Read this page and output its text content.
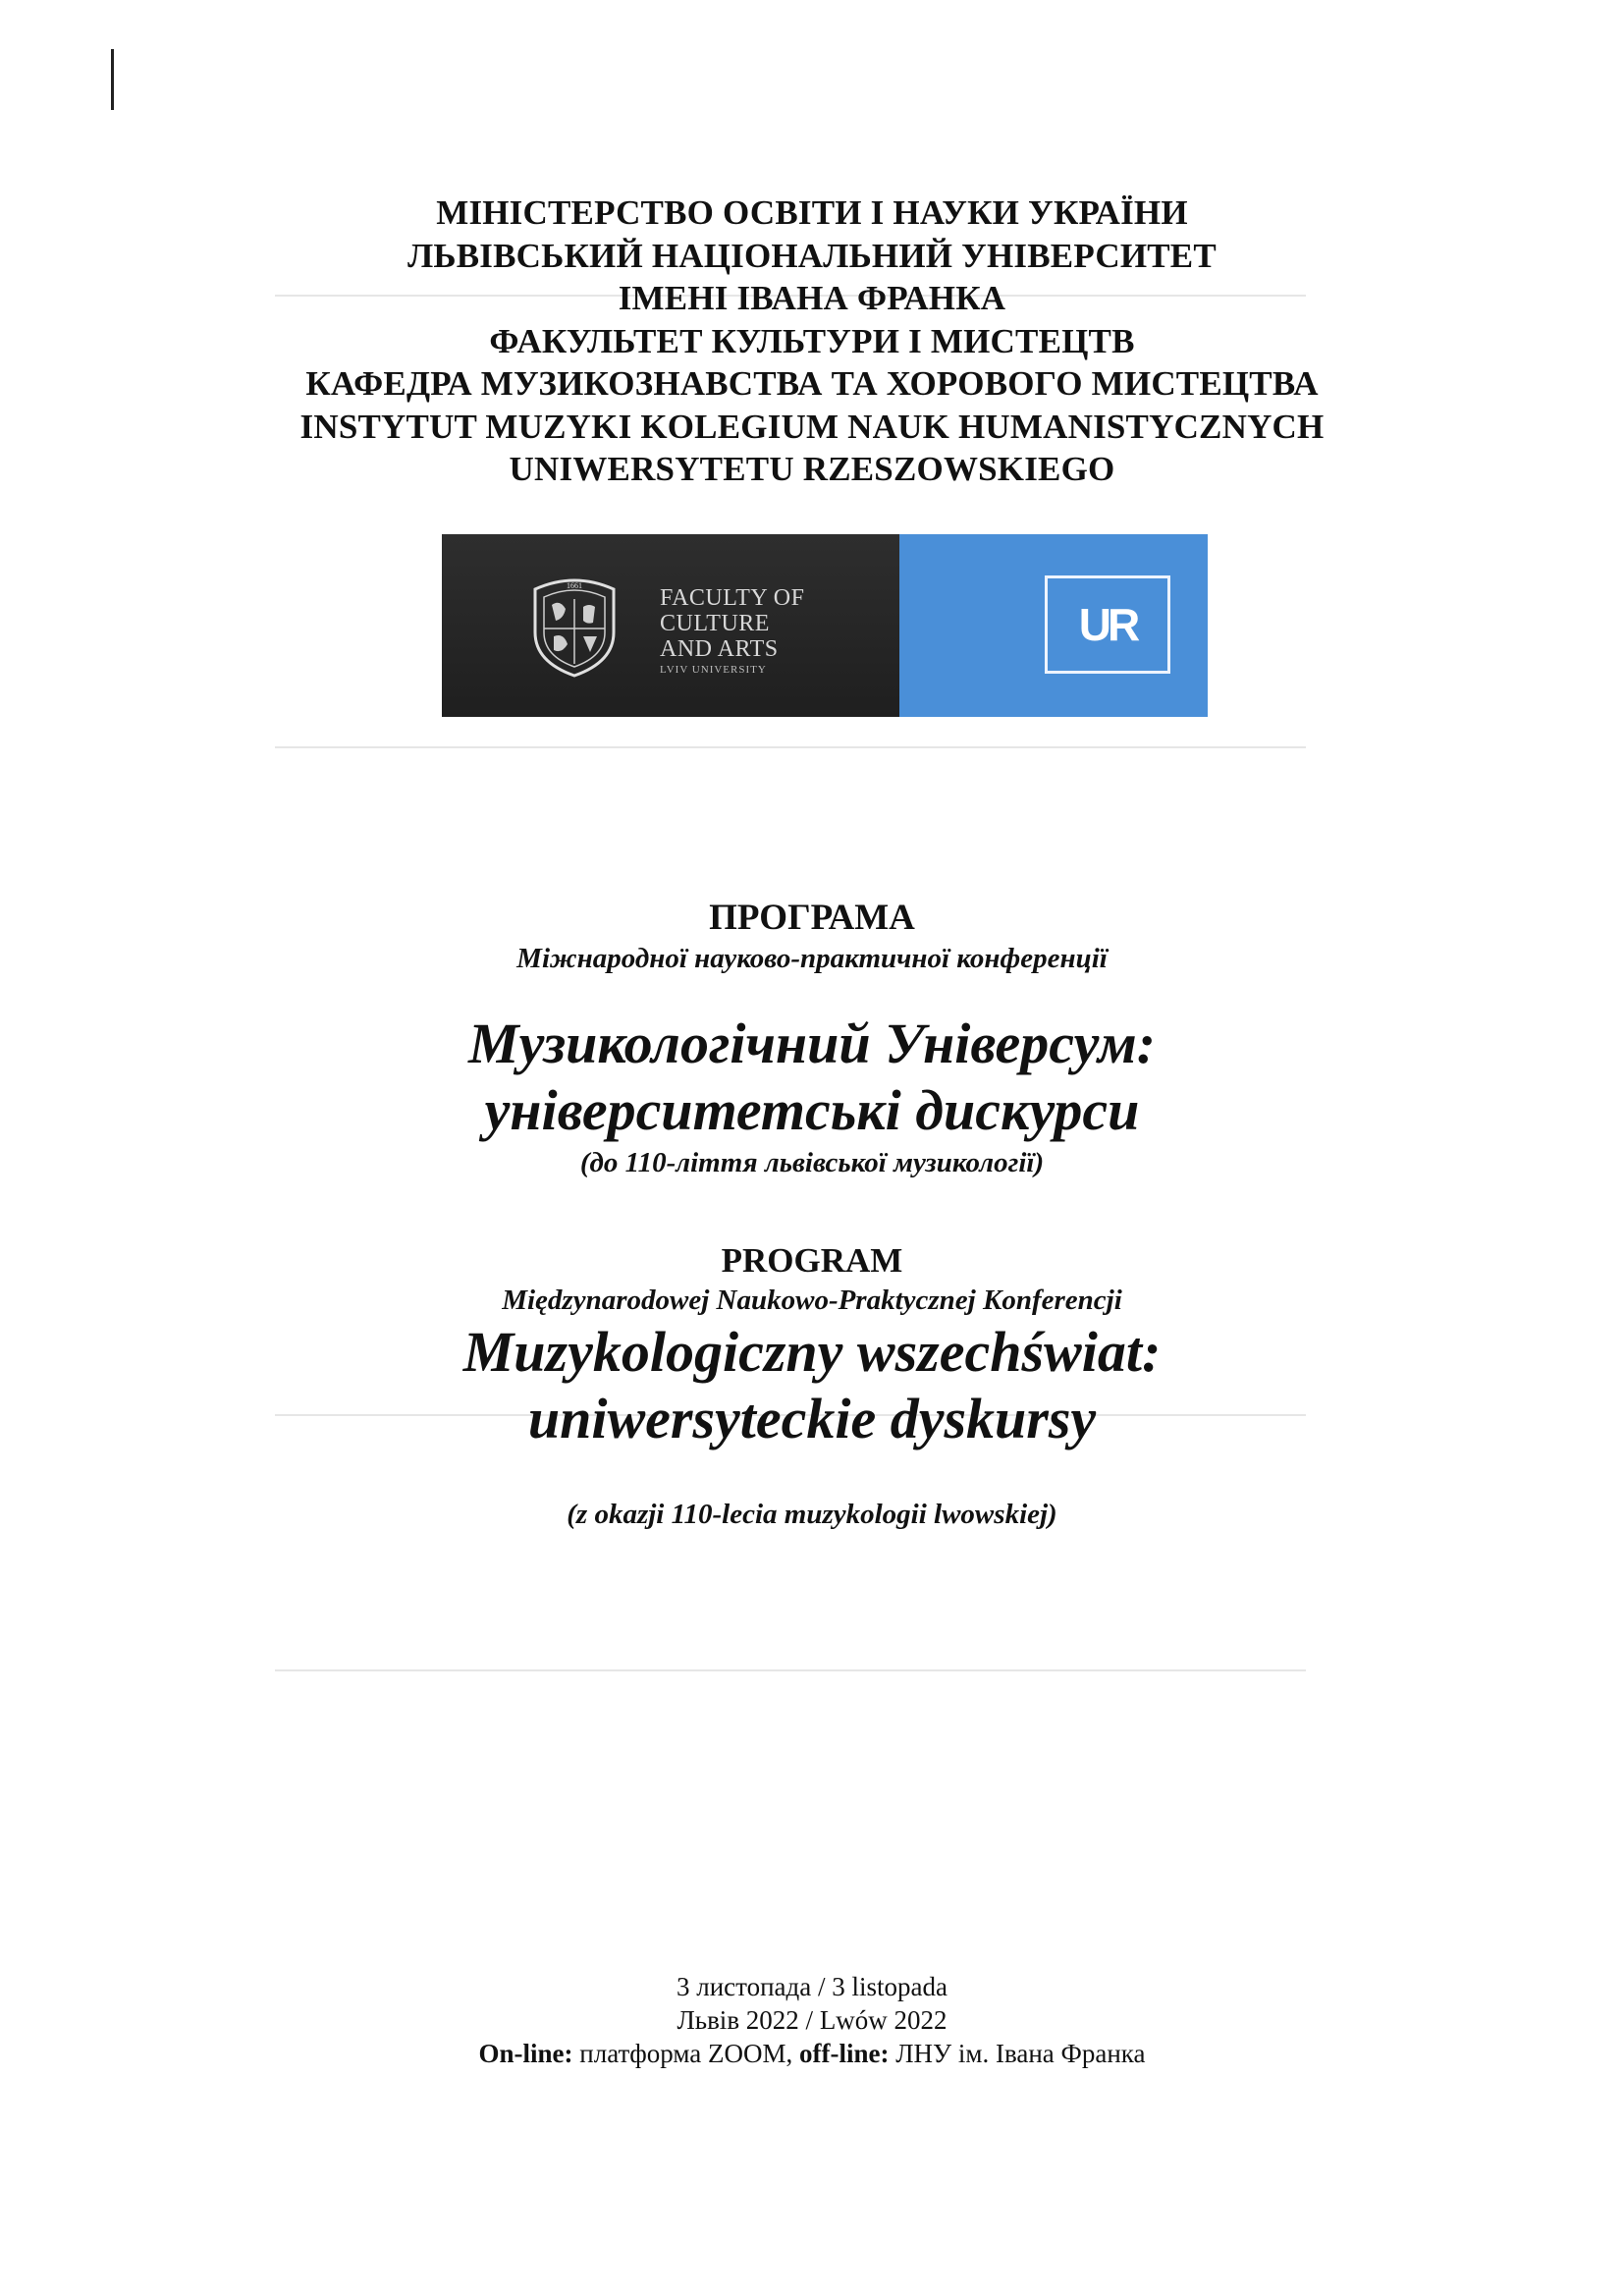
МІНІСТЕРСТВО ОСВІТИ І НАУКИ УКРАЇНИ
ЛЬВІВСЬКИЙ НАЦІОНАЛЬНИЙ УНІВЕРСИТЕТ
ІМЕНІ ІВАНА ФРАНКА
ФАКУЛЬТЕТ КУЛЬТУРИ І МИСТЕЦТВ
КАФЕДРА МУЗИКОЗНАВСТВА ТА ХОРОВОГО МИСТЕЦТВА
INSTYTUT MUZYKI KOLEGIUM NAUK HUMANISTYCZNYCH
UNIWERSYTETU RZESZOWSKIEGO
1661	FACULTY OF
CULTURE
AND ARTS
LVIV UNIVERSITY
UR
ПРОГРАМА
Міжнародної науково-практичної конференції
Музикологічний Універсум:
університетські дискурси
(до 110-ліття львівської музикології)
PROGRAM
Międzynarodowej Naukowo-Praktycznej Konferencji
Muzykologiczny wszechświat:
uniwersyteckie dyskursy
(z okazji 110-lecia muzykologii lwowskiej)
3 листопада / 3 listopada
Львів 2022 / Lwów 2022
On-line: платформа ZOOM, off-line: ЛНУ ім. Івана Франка
